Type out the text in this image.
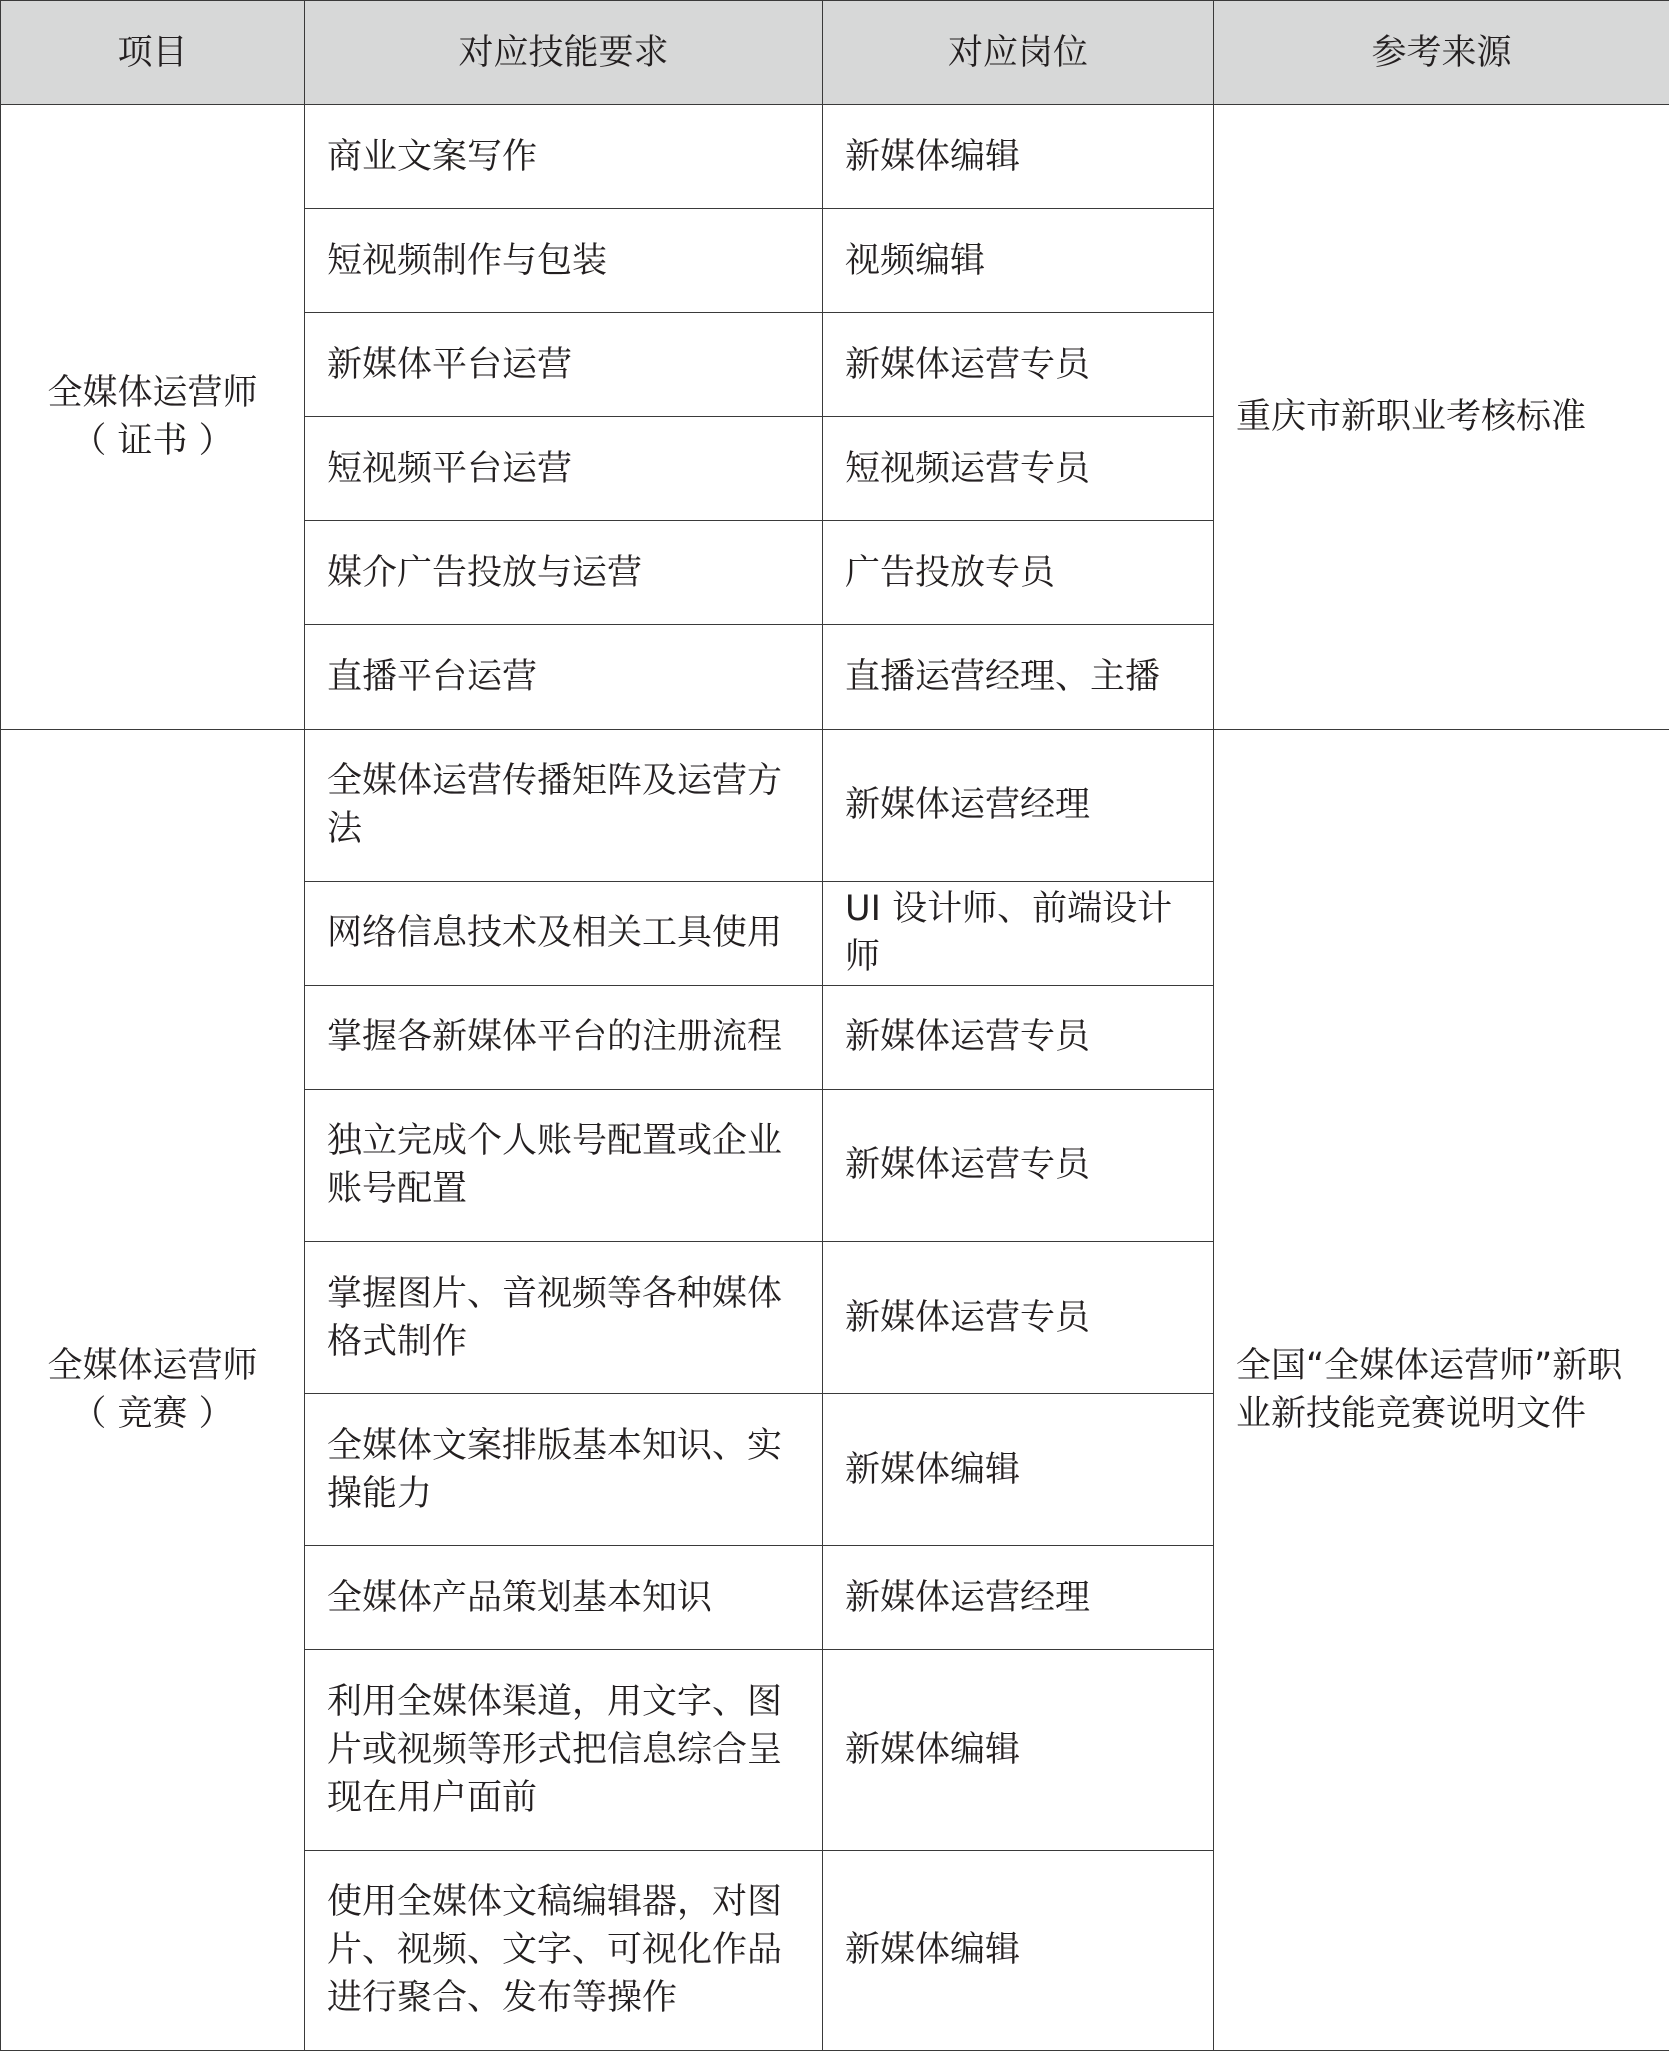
项目	对应技能要求	对应岗位	参考来源

全媒体运营师
（ 证书 ）	商业文案写作	新媒体编辑	重庆市新职业考核标准
	短视频制作与包装	视频编辑	
	新媒体平台运营	新媒体运营专员	
	短视频平台运营	短视频运营专员	
	媒介广告投放与运营	广告投放专员	
	直播平台运营	直播运营经理、主播	

全媒体运营师
（ 竞赛 ）	全媒体运营传播矩阵及运营方法	新媒体运营经理	全国“全媒体运营师”新职业新技能竞赛说明文件
	网络信息技术及相关工具使用	UI 设计师、前端设计师	
	掌握各新媒体平台的注册流程	新媒体运营专员	
	独立完成个人账号配置或企业账号配置	新媒体运营专员	
	掌握图片、音视频等各种媒体格式制作	新媒体运营专员	
	全媒体文案排版基本知识、实操能力	新媒体编辑	
	全媒体产品策划基本知识	新媒体运营经理	
	利用全媒体渠道，用文字、图片或视频等形式把信息综合呈现在用户面前	新媒体编辑	
	使用全媒体文稿编辑器，对图片、视频、文字、可视化作品进行聚合、发布等操作	新媒体编辑	
